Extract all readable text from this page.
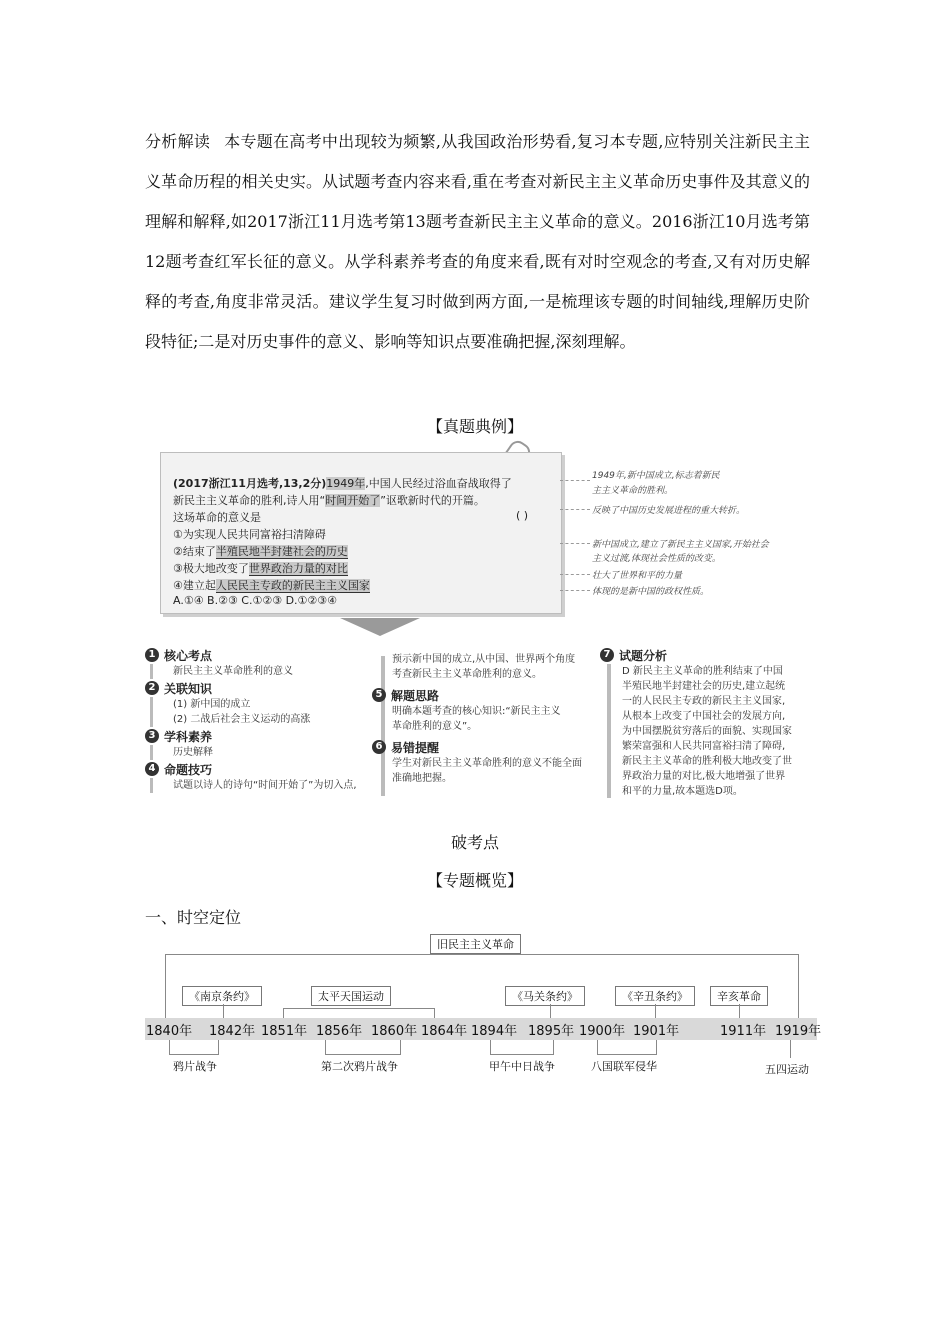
分析解读 本专题在高考中出现较为频繁,从我国政治形势看,复习本专题,应特别关注新民主主义革命历程的相关史实。从试题考查内容来看,重在考查对新民主主义革命历史事件及其意义的理解和解释,如2017浙江11月选考第13题考查新民主主义革命的意义。2016浙江10月选考第12题考查红军长征的意义。从学科素养考查的角度来看,既有对时空观念的考查,又有对历史解释的考查,角度非常灵活。建议学生复习时做到两方面,一是梳理该专题的时间轴线,理解历史阶段特征;二是对历史事件的意义、影响等知识点要准确把握,深刻理解。
【真题典例】
(2017浙江11月选考,13,2分)1949年,中国人民经过浴血奋战取得了
新民主主义革命的胜利,诗人用“时间开始了”讴歌新时代的开篇。
这场革命的意义是	( )
①为实现人民共同富裕扫清障碍
②结束了半殖民地半封建社会的历史
③极大地改变了世界政治力量的对比
④建立起人民民主专政的新民主主义国家
A.①④ B.②③ C.①②③ D.①②③④
1949年,新中国成立,标志着新民
主主义革命的胜利。
反映了中国历史发展进程的重大转折。
新中国成立,建立了新民主主义国家,开始社会
主义过渡,体现社会性质的改变。
壮大了世界和平的力量
体现的是新中国的政权性质。
1 核心考点
新民主主义革命胜利的意义
2 关联知识
(1) 新中国的成立
(2) 二战后社会主义运动的高涨
3 学科素养
历史解释
4 命题技巧
试题以诗人的诗句“时间开始了”为切入点,
预示新中国的成立,从中国、世界两个角度
考查新民主主义革命胜利的意义。
5 解题思路
明确本题考查的核心知识:“新民主主义
革命胜利的意义”。
6 易错提醒
学生对新民主主义革命胜利的意义不能全面
准确地把握。
7 试题分析
D 新民主主义革命的胜利结束了中国
半殖民地半封建社会的历史,建立起统
一的人民民主专政的新民主主义国家,
从根本上改变了中国社会的发展方向,
为中国摆脱贫穷落后的面貌、实现国家
繁荣富强和人民共同富裕扫清了障碍,
新民主主义革命的胜利极大地改变了世
界政治力量的对比,极大地增强了世界
和平的力量,故本题选D项。
破考点
【专题概览】
一、时空定位
旧民主主义革命
《南京条约》	太平天国运动	《马关条约》	《辛丑条约》	辛亥革命
1840年 1842年 1851年 1856年 1860年 1864年 1894年 1895年 1900年 1901年	1911年 1919年
鸦片战争	第二次鸦片战争	甲午中日战争	八国联军侵华	五四运动
